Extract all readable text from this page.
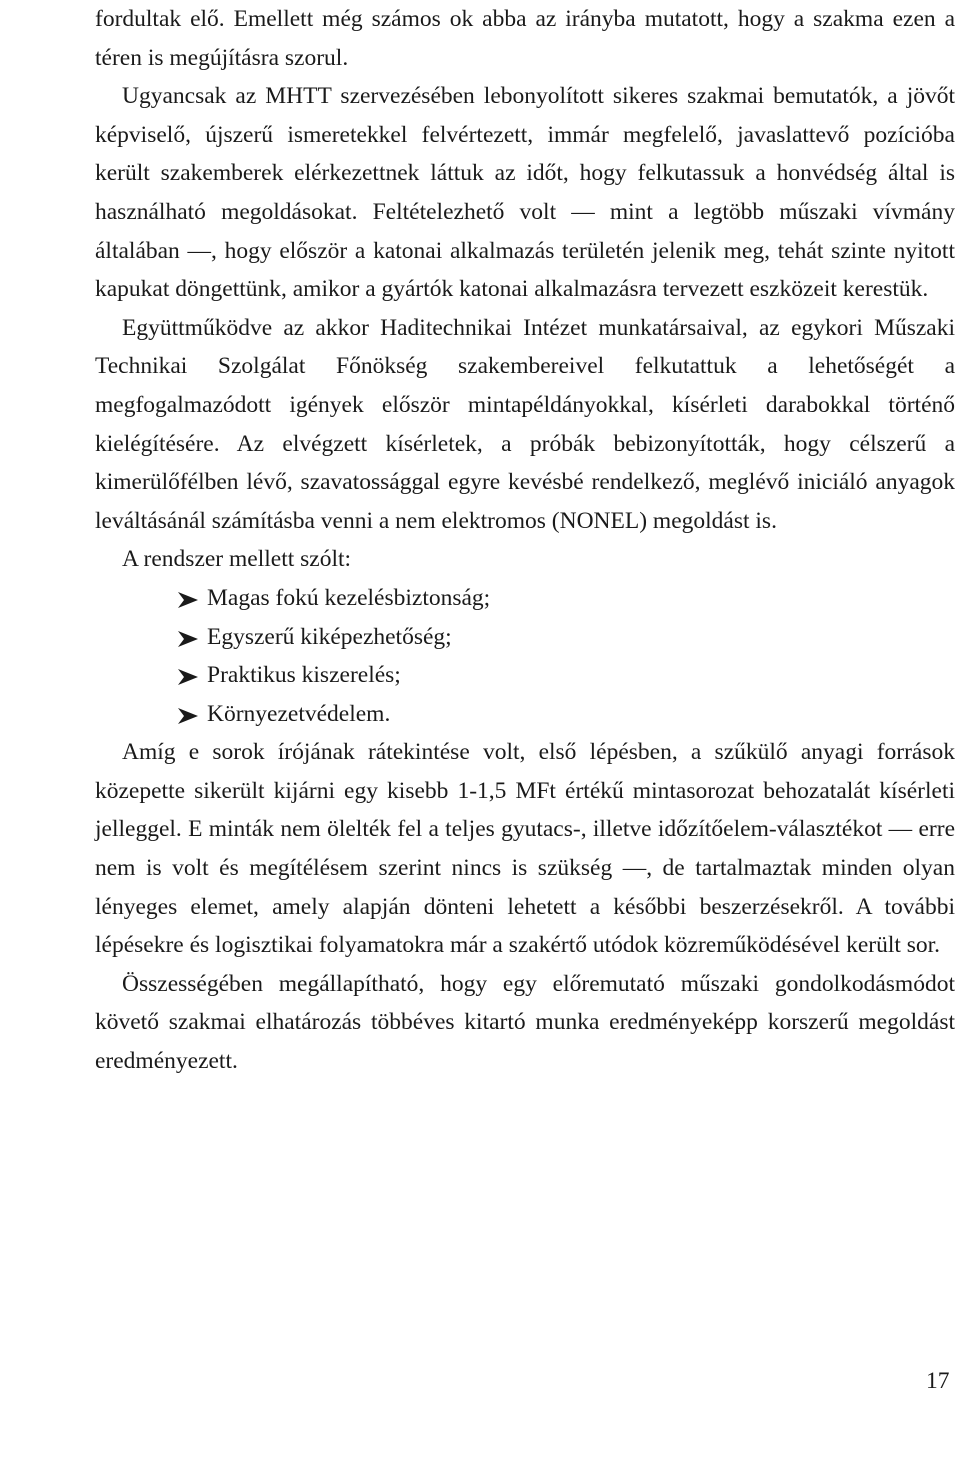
fordultak elő. Emellett még számos ok abba az irányba mutatott, hogy a szakma ezen a téren is megújításra szorul.

Ugyancsak az MHTT szervezésében lebonyolított sikeres szakmai bemutatók, a jövőt képviselő, újszerű ismeretekkel felvértezett, immár megfelelő, javaslattevő pozícióba került szakemberek elérkezettnek láttuk az időt, hogy felkutassuk a honvédség által is használható megoldásokat. Feltételezhető volt — mint a legtöbb műszaki vívmány általában —, hogy először a katonai alkalmazás területén jelenik meg, tehát szinte nyitott kapukat döngettünk, amikor a gyártók katonai alkalmazásra tervezett eszközeit kerestük.

Együttműködve az akkor Haditechnikai Intézet munkatársaival, az egykori Műszaki Technikai Szolgálat Főnökség szakembereivel felkutattuk a lehetőségét a megfogalmazódott igények először mintapéldányokkal, kísérleti darabokkal történő kielégítésére. Az elvégzett kísérletek, a próbák bebizonyították, hogy célszerű a kimerülőfélben lévő, szavatossággal egyre kevésbé rendelkező, meglévő iniciáló anyagok leváltásánál számításba venni a nem elektromos (NONEL) megoldást is.

A rendszer mellett szólt:

Magas fokú kezelésbiztonság;
Egyszerű kiképezhetőség;
Praktikus kiszerelés;
Környezetvédelem.

Amíg e sorok írójának rátekintése volt, első lépésben, a szűkülő anyagi források közepette sikerült kijárni egy kisebb 1-1,5 MFt értékű mintasorozat behozatalát kísérleti jelleggel. E minták nem ölelték fel a teljes gyutacs-, illetve időzítőelem-választékot — erre nem is volt és megítélésem szerint nincs is szükség —, de tartalmaztak minden olyan lényeges elemet, amely alapján dönteni lehetett a későbbi beszerzésekről. A további lépésekre és logisztikai folyamatokra már a szakértő utódok közreműködésével került sor.

Összességében megállapítható, hogy egy előremutató műszaki gondolkodásmódot követő szakmai elhatározás többéves kitartó munka eredményeképp korszerű megoldást eredményezett.

17
